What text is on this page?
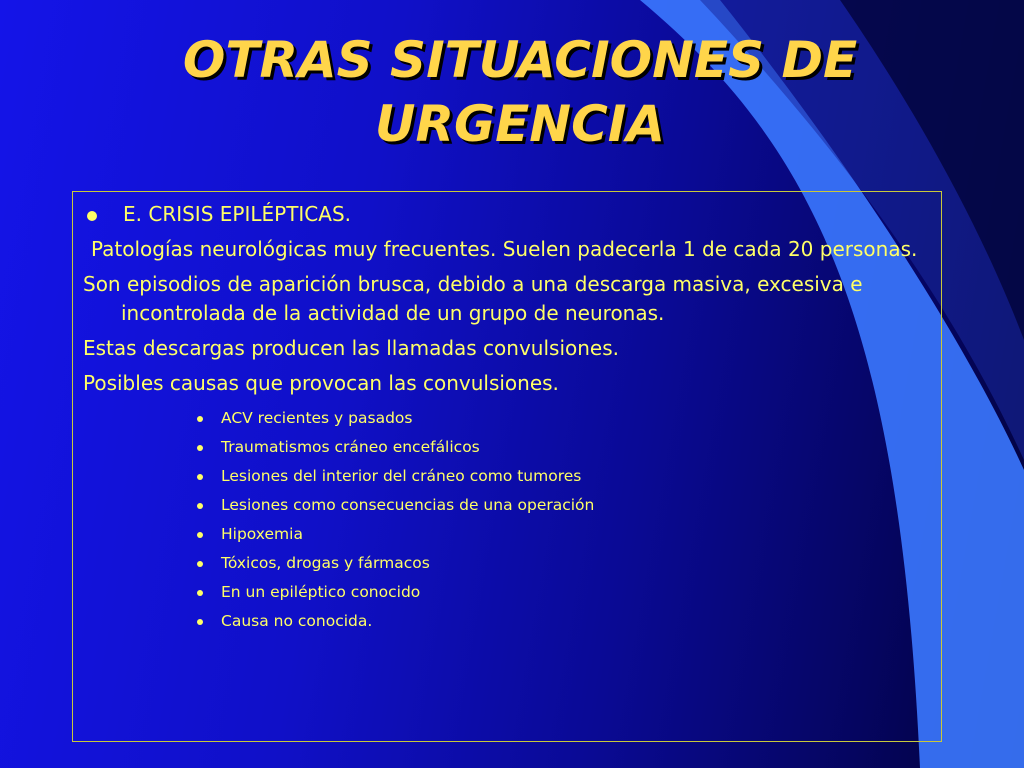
OTRAS SITUACIONES DE URGENCIA
E. CRISIS EPILÉPTICAS.

Patologías neurológicas muy frecuentes. Suelen padecerla 1 de cada 20 personas.

Son episodios de aparición brusca, debido a una descarga masiva, excesiva e incontrolada de la actividad de un grupo de neuronas.

Estas descargas producen las llamadas convulsiones.

Posibles causas que provocan las convulsiones.

ACV recientes y pasados
Traumatismos cráneo encefálicos
Lesiones del interior del cráneo como tumores
Lesiones como consecuencias de una operación
Hipoxemia
Tóxicos, drogas y fármacos
En un epiléptico conocido
Causa no conocida.
